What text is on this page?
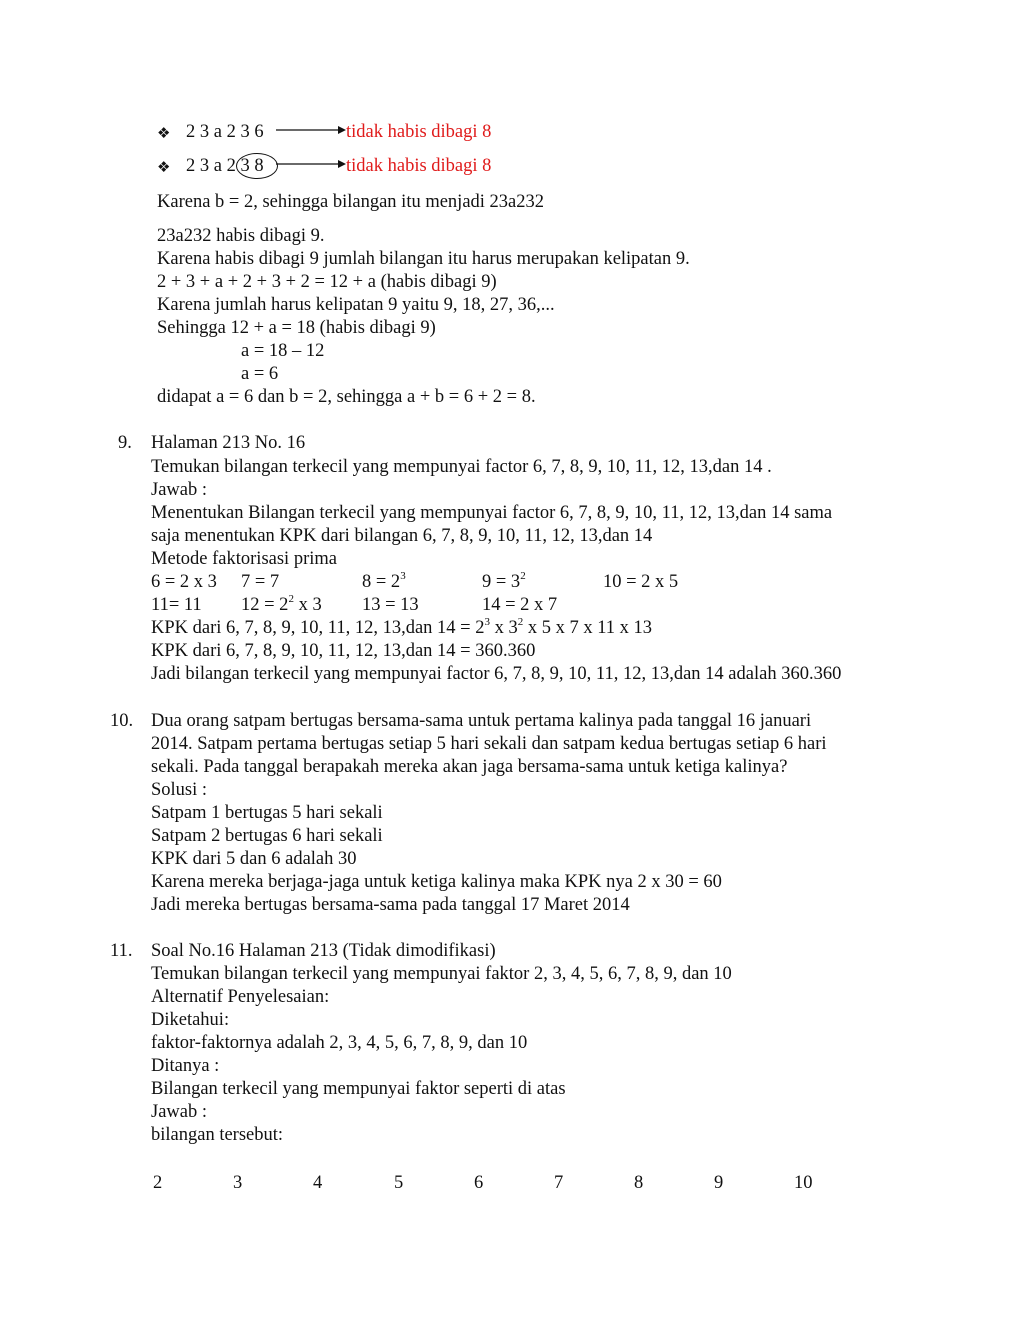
❖ 2 3 a 2 3 6	tidak habis dibagi 8
❖ 2 3 a 2 3 8	tidak habis dibagi 8
Karena b = 2, sehingga bilangan itu menjadi 23a232
23a232 habis dibagi 9.
Karena habis dibagi 9 jumlah bilangan itu harus merupakan kelipatan 9.
2 + 3 + a + 2 + 3 + 2 = 12 + a (habis dibagi 9)
Karena jumlah harus kelipatan 9 yaitu 9, 18, 27, 36,...
Sehingga 12 + a = 18 (habis dibagi 9)
a = 18 – 12
a = 6
didapat a = 6 dan b = 2, sehingga a + b = 6 + 2 = 8.
9.	Halaman 213 No. 16
Temukan bilangan terkecil yang mempunyai factor 6, 7, 8, 9, 10, 11, 12, 13,dan 14 .
Jawab :
Menentukan Bilangan terkecil yang mempunyai factor 6, 7, 8, 9, 10, 11, 12, 13,dan 14 sama
saja menentukan KPK dari bilangan 6, 7, 8, 9, 10, 11, 12, 13,dan 14
Metode faktorisasi prima
6 = 2 x 3 7 = 7	$8 = 2^3$	$9 = 3^2$	10 = 2 x 5
11= 11 $12 = 2^2$ x 3 13 = 13	14 = 2 x 7
KPK dari 6, 7, 8, 9, 10, 11, 12, 13,dan $14 = 2^3$ x $3^2$ x 5 x 7 x 11 x 13
KPK dari 6, 7, 8, 9, 10, 11, 12, 13,dan 14 = 360.360
Jadi bilangan terkecil yang mempunyai factor 6, 7, 8, 9, 10, 11, 12, 13,dan 14 adalah 360.360
10. Dua orang satpam bertugas bersama-sama untuk pertama kalinya pada tanggal 16 januari
2014. Satpam pertama bertugas setiap 5 hari sekali dan satpam kedua bertugas setiap 6 hari
sekali. Pada tanggal berapakah mereka akan jaga bersama-sama untuk ketiga kalinya?
Solusi :
Satpam 1 bertugas 5 hari sekali
Satpam 2 bertugas 6 hari sekali
KPK dari 5 dan 6 adalah 30
Karena mereka berjaga-jaga untuk ketiga kalinya maka KPK nya 2 x 30 = 60
Jadi mereka bertugas bersama-sama pada tanggal 17 Maret 2014
11. Soal No.16 Halaman 213 (Tidak dimodifikasi)
Temukan bilangan terkecil yang mempunyai faktor 2, 3, 4, 5, 6, 7, 8, 9, dan 10
Alternatif Penyelesaian:
Diketahui:
faktor-faktornya adalah 2, 3, 4, 5, 6, 7, 8, 9, dan 10
Ditanya :
Bilangan terkecil yang mempunyai faktor seperti di atas
Jawab :
bilangan tersebut:
2	3	4	5	6	7	8	9	10
